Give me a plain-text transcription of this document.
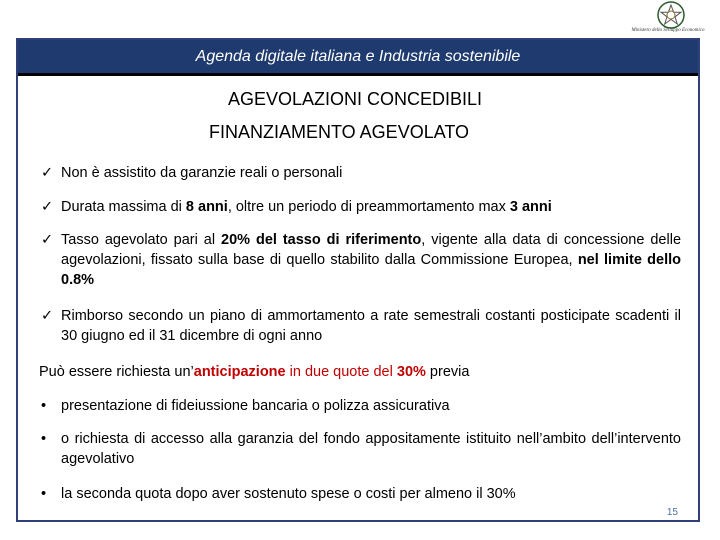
Ministero dello Sviluppo Economico
Agenda digitale italiana e Industria sostenibile
AGEVOLAZIONI CONCEDIBILI
FINANZIAMENTO AGEVOLATO
✓ Non è assistito da garanzie reali o personali
✓ Durata massima di 8 anni, oltre un periodo di preammortamento max 3 anni
✓ Tasso agevolato pari al 20% del tasso di riferimento, vigente alla data di concessione delle agevolazioni, fissato sulla base di quello stabilito dalla Commissione Europea, nel limite dello 0.8%
✓ Rimborso secondo un piano di ammortamento a rate semestrali costanti posticipate scadenti il 30 giugno ed il 31 dicembre di ogni anno
Può essere richiesta un’anticipazione in due quote del 30% previa
• presentazione di fideiussione bancaria o polizza assicurativa
• o richiesta di accesso alla garanzia del fondo appositamente istituito nell’ambito dell’intervento agevolativo
• la seconda quota dopo aver sostenuto spese o costi per almeno il 30%
15
